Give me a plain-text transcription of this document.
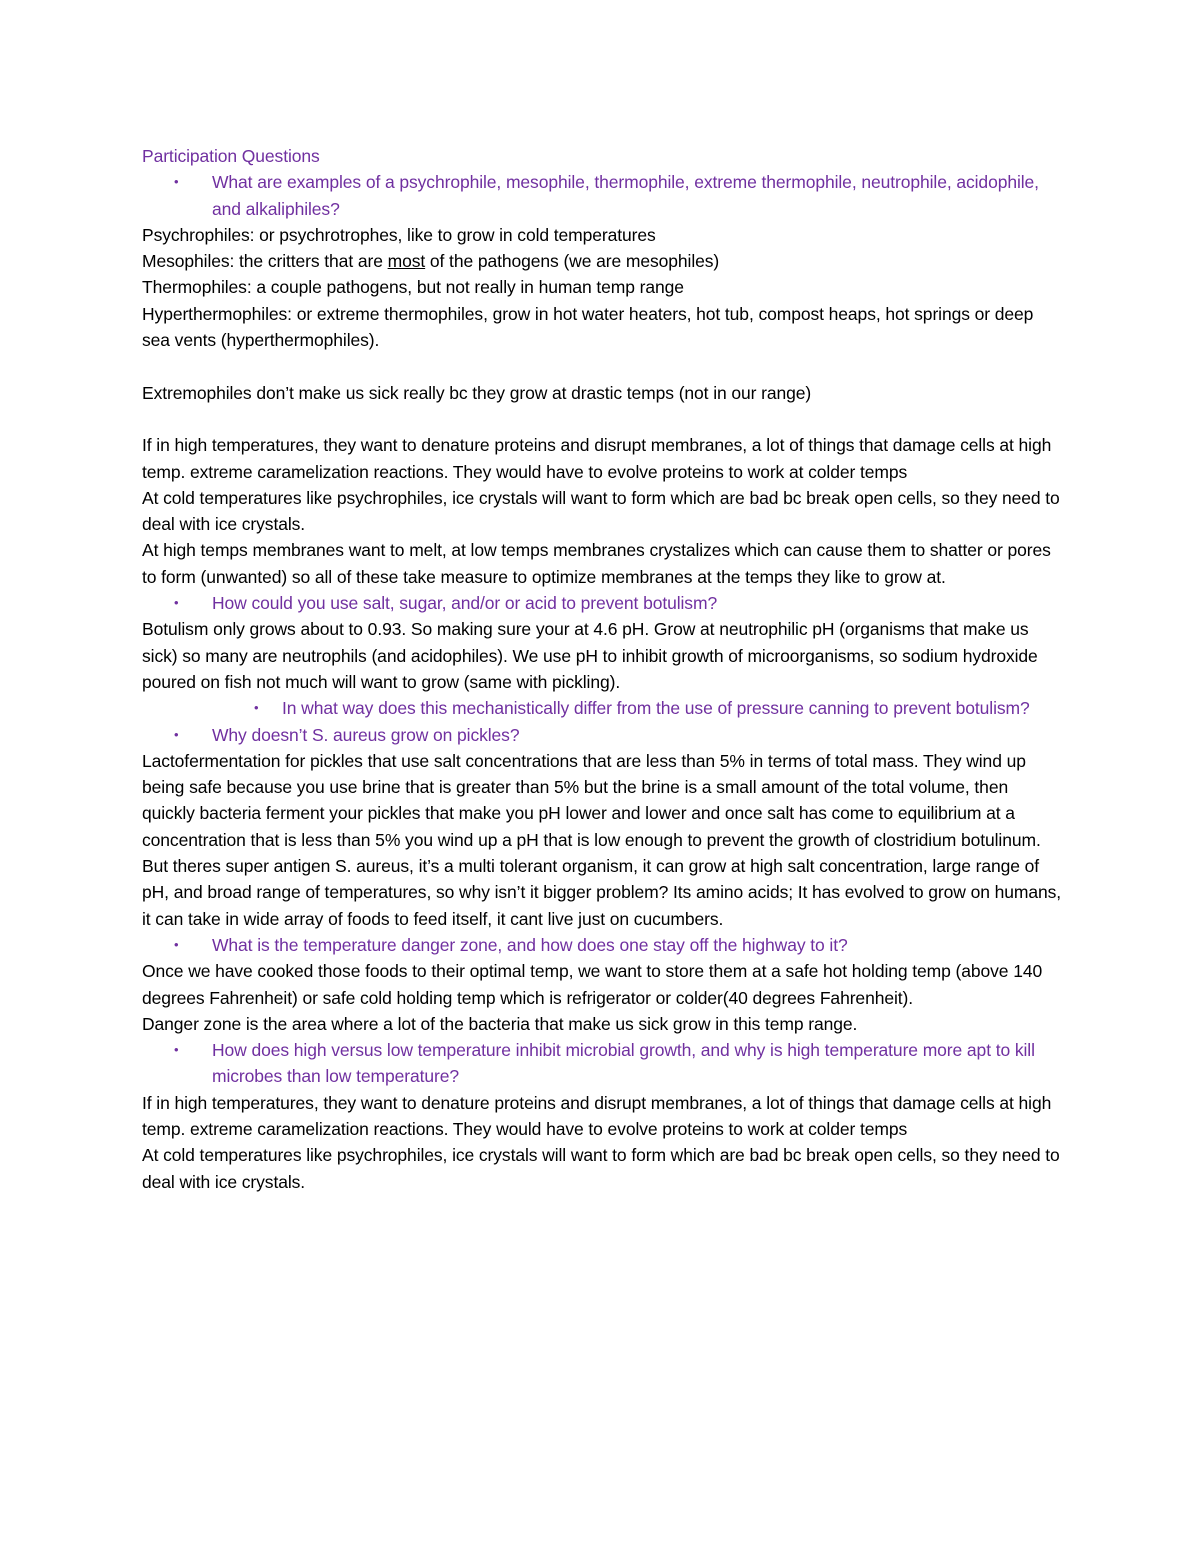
Participation Questions

• What are examples of a psychrophile, mesophile, thermophile, extreme thermophile, neutrophile, acidophile, and alkaliphiles?

Psychrophiles: or psychrotrophes, like to grow in cold temperatures

Mesophiles: the critters that are most of the pathogens (we are mesophiles)

Thermophiles: a couple pathogens, but not really in human temp range

Hyperthermophiles: or extreme thermophiles, grow in hot water heaters, hot tub, compost heaps, hot springs or deep sea vents (hyperthermophiles).

Extremophiles don’t make us sick really bc they grow at drastic temps (not in our range)

If in high temperatures, they want to denature proteins and disrupt membranes, a lot of things that damage cells at high temp. extreme caramelization reactions. They would have to evolve proteins to work at colder temps

At cold temperatures like psychrophiles, ice crystals will want to form which are bad bc break open cells, so they need to deal with ice crystals.

At high temps membranes want to melt, at low temps membranes crystalizes which can cause them to shatter or pores to form (unwanted) so all of these take measure to optimize membranes at the temps they like to grow at.

• How could you use salt, sugar, and/or or acid to prevent botulism?

Botulism only grows about to 0.93. So making sure your at 4.6 pH. Grow at neutrophilic pH (organisms that make us sick) so many are neutrophils (and acidophiles). We use pH to inhibit growth of microorganisms, so sodium hydroxide poured on fish not much will want to grow (same with pickling).

• In what way does this mechanistically differ from the use of pressure canning to prevent botulism?
• Why doesn’t S. aureus grow on pickles?

Lactofermentation for pickles that use salt concentrations that are less than 5% in terms of total mass. They wind up being safe because you use brine that is greater than 5% but the brine is a small amount of the total volume, then quickly bacteria ferment your pickles that make you pH lower and lower and once salt has come to equilibrium at a concentration that is less than 5% you wind up a pH that is low enough to prevent the growth of clostridium botulinum. But theres super antigen S. aureus, it’s a multi tolerant organism, it can grow at high salt concentration, large range of pH, and broad range of temperatures, so why isn’t it bigger problem? Its amino acids; It has evolved to grow on humans, it can take in wide array of foods to feed itself, it cant live just on cucumbers.

• What is the temperature danger zone, and how does one stay off the highway to it?

Once we have cooked those foods to their optimal temp, we want to store them at a safe hot holding temp (above 140 degrees Fahrenheit) or safe cold holding temp which is refrigerator or colder(40 degrees Fahrenheit).

Danger zone is the area where a lot of the bacteria that make us sick grow in this temp range.

• How does high versus low temperature inhibit microbial growth, and why is high temperature more apt to kill microbes than low temperature?

If in high temperatures, they want to denature proteins and disrupt membranes, a lot of things that damage cells at high temp. extreme caramelization reactions. They would have to evolve proteins to work at colder temps

At cold temperatures like psychrophiles, ice crystals will want to form which are bad bc break open cells, so they need to deal with ice crystals.
